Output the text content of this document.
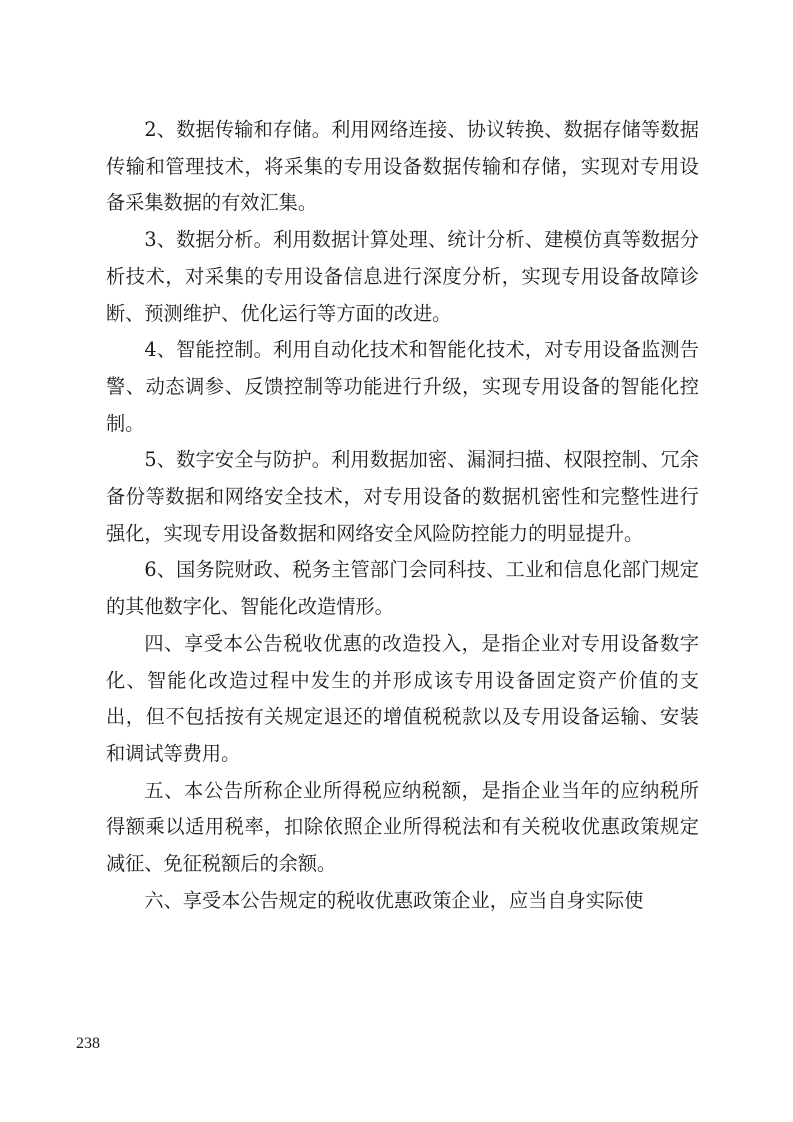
2、数据传输和存储。利用网络连接、协议转换、数据存储等数据传输和管理技术，将采集的专用设备数据传输和存储，实现对专用设备采集数据的有效汇集。

3、数据分析。利用数据计算处理、统计分析、建模仿真等数据分析技术，对采集的专用设备信息进行深度分析，实现专用设备故障诊断、预测维护、优化运行等方面的改进。

4、智能控制。利用自动化技术和智能化技术，对专用设备监测告警、动态调参、反馈控制等功能进行升级，实现专用设备的智能化控制。

5、数字安全与防护。利用数据加密、漏洞扫描、权限控制、冗余备份等数据和网络安全技术，对专用设备的数据机密性和完整性进行强化，实现专用设备数据和网络安全风险防控能力的明显提升。

6、国务院财政、税务主管部门会同科技、工业和信息化部门规定的其他数字化、智能化改造情形。

四、享受本公告税收优惠的改造投入，是指企业对专用设备数字化、智能化改造过程中发生的并形成该专用设备固定资产价值的支出，但不包括按有关规定退还的增值税税款以及专用设备运输、安装和调试等费用。

五、本公告所称企业所得税应纳税额，是指企业当年的应纳税所得额乘以适用税率，扣除依照企业所得税法和有关税收优惠政策规定减征、免征税额后的余额。

六、享受本公告规定的税收优惠政策企业，应当自身实际使

238
